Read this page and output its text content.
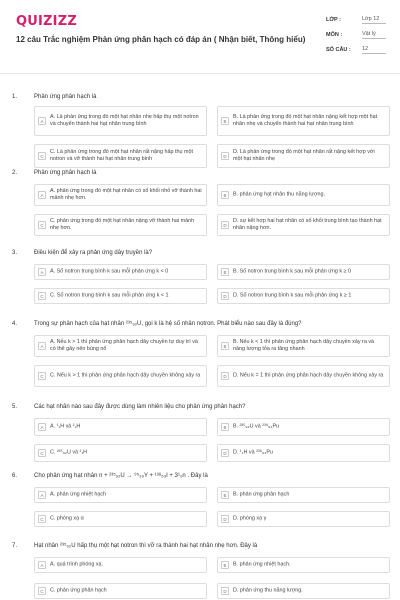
QUIZIZZ
12 câu Trắc nghiệm Phản ứng phân hạch có đáp án ( Nhận biết, Thông hiểu)
LỚP :	Lớp 12
MÔN :	Vật lý
SỐ CÂU : 12
1.	Phản ứng phân hạch là
A
A. Là phản ứng trong đó một hạt nhân nhẹ hấp thụ một notron và chuyển thành hai hạt nhân trung bình	B
B. Là phản ứng trong đó một hạt nhân nặng kết hợp một hạt nhân nhẹ và chuyển thành hai hạt nhân trung bình
C
C. Là phản ứng trong đó một hạt nhân rất nặng hấp thụ một notron và vỡ thành hai hạt nhân trung bình	D
D. Là phản ứng trong đó một hạt nhân rất nặng kết hợp với một hạt nhân nhẹ
2.	Phản ứng phân hạch là
A
A. phản ứng trong đó một hạt nhân có số khối nhỏ vỡ thành hai mảnh nhẹ hơn.	B	B. phản ứng hạt nhân thu năng lượng.
C
C. phản ứng trong đó một hạt nhân nặng vỡ thành hai mảnh nhẹ hơn.	D
D. sự kết hợp hai hạt nhân có số khối trung bình tạo thành hạt nhân nặng hơn.
3.	Điều kiện để xảy ra phản ứng dây truyền là?
A	A. Số notron trung bình k sau mỗi phản ứng k < 0	B	B. Số notron trung bình k sau mỗi phản ứng k ≥ 0
C	C. Số notron trung bình k sau mỗi phản ứng k < 1	D	D. Số notron trung bình k sau mỗi phản ứng k ≥ 1
4.	Trong sự phân hạch của hạt nhân ²³⁵₉₂U, gọi k là hệ số nhân notron. Phát biểu nào sau đây là đúng?
A
A. Nếu k > 1 thì phản ứng phân hạch dây chuyền tự duy trì và có thể gây nên bùng nổ	B
B. Nếu k < 1 thì phản ứng phân hạch dây chuyền xảy ra và năng lượng tỏa ra tăng nhanh
C	C. Nếu k > 1 thì phản ứng phân hạch dây chuyền không xảy ra	D	D. Nếu k = 1 thì phản ứng phân hạch dây chuyền không xảy ra
5.	Các hạt nhân nào sau đây được dùng làm nhiên liệu cho phản ứng phân hạch?
A	A. ¹₁H và ²₁H	B	B. ²³⁵₉₂U và ²³⁹₉₄Pu
C	C. ²³⁵₉₂U và ²₁H	D	D. ¹₁H và ²³⁹₉₄Pu
6.	Cho phản ứng hạt nhân n + ²³⁵₉₂U → ⁹⁵₃₉Y + ¹³⁸₅₃I + 3¹₀n . Đây là
A	A. phản ứng nhiệt hạch	B	B. phản ứng phân hạch
C	C. phóng xạ α	D	D. phóng xạ γ
7.	Hạt nhân ²³⁵₉₂U hấp thụ một hạt notron thì vỡ ra thành hai hạt nhân nhẹ hơn. Đây là
A	A. quá trình phóng xạ.	B	B. phản ứng nhiệt hạch.
C	C. phản ứng phân hạch	D	D. phản ứng thu năng lượng.
